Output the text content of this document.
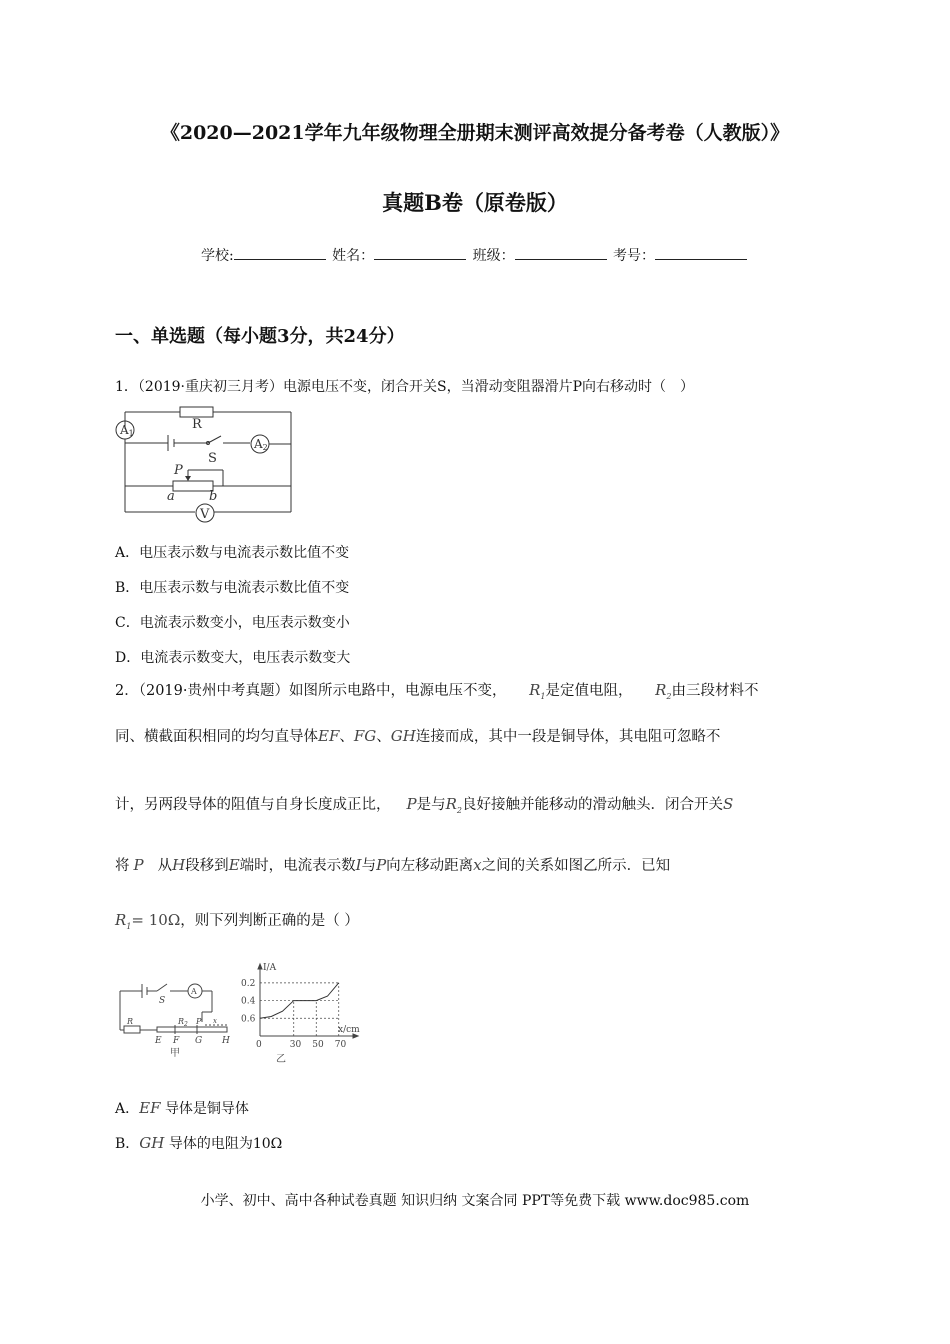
《2020—2021学年九年级物理全册期末测评高效提分备考卷（人教版）》
真题B卷（原卷版）
学校:	姓名：	班级：	考号：
一、单选题（每小题3分，共24分）
1．（2019·重庆初三月考）电源电压不变，闭合开关S，当滑动变阻器滑片P向右移动时（　）
R
A1
A2
S
P
a	b
V
A．电压表示数与电流表示数比值不变
B．电压表示数与电流表示数比值不变
C．电流表示数变小，电压表示数变小
D．电流表示数变大，电压表示数变大
2．（2019·贵州中考真题）如图所示电路中，电源电压不变， $R_1$是定值电阻， $R_2$由三段材料不
同、横截面积相同的均匀直导体EF、FG、GH连接而成，其中一段是铜导体，其电阻可忽略不
计，另两段导体的阻值与自身长度成正比， P是与$R_2$良好接触并能移动的滑动触头．闭合开关S
将 P 从H段移到E端时，电流表示数I与P向左移动距离x之间的关系如图乙所示．已知
$R_1= 10\Omega$，则下列判断正确的是（ ）
S
A
R	$R_2$ P x
E F G H
甲
0.6
0.4
0.2
0	30 50 70
I/A
x/cm
乙
A．EF 导体是铜导体
B．GH 导体的电阻为10Ω
小学、初中、高中各种试卷真题 知识归纳 文案合同 PPT等免费下载 www.doc985.com
